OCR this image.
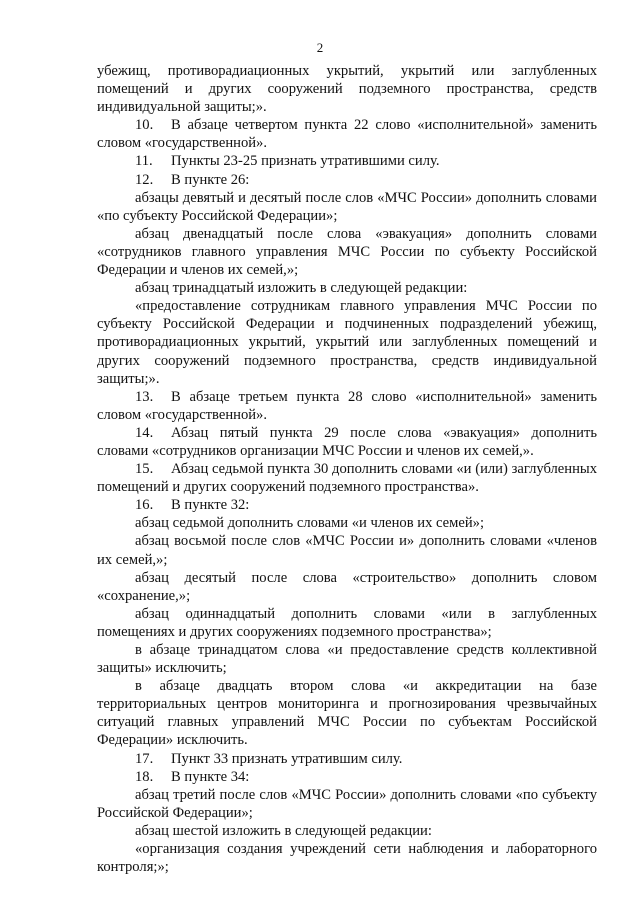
2

убежищ, противорадиационных укрытий, укрытий или заглубленных помещений и других сооружений подземного пространства, средств индивидуальной защиты;».

10. В абзаце четвертом пункта 22 слово «исполнительной» заменить словом «государственной».

11. Пункты 23-25 признать утратившими силу.

12. В пункте 26:

абзацы девятый и десятый после слов «МЧС России» дополнить словами «по субъекту Российской Федерации»;

абзац двенадцатый после слова «эвакуация» дополнить словами «сотрудников главного управления МЧС России по субъекту Российской Федерации и членов их семей,»;

абзац тринадцатый изложить в следующей редакции:

«предоставление сотрудникам главного управления МЧС России по субъекту Российской Федерации и подчиненных подразделений убежищ, противорадиационных укрытий, укрытий или заглубленных помещений и других сооружений подземного пространства, средств индивидуальной защиты;».

13. В абзаце третьем пункта 28 слово «исполнительной» заменить словом «государственной».

14. Абзац пятый пункта 29 после слова «эвакуация» дополнить словами «сотрудников организации МЧС России и членов их семей,».

15. Абзац седьмой пункта 30 дополнить словами «и (или) заглубленных помещений и других сооружений подземного пространства».

16. В пункте 32:

абзац седьмой дополнить словами «и членов их семей»;

абзац восьмой после слов «МЧС России и» дополнить словами «членов их семей,»;

абзац десятый после слова «строительство» дополнить словом «сохранение,»;

абзац одиннадцатый дополнить словами «или в заглубленных помещениях и других сооружениях подземного пространства»;

в абзаце тринадцатом слова «и предоставление средств коллективной защиты» исключить;

в абзаце двадцать втором слова «и аккредитации на базе территориальных центров мониторинга и прогнозирования чрезвычайных ситуаций главных управлений МЧС России по субъектам Российской Федерации» исключить.

17. Пункт 33 признать утратившим силу.

18. В пункте 34:

абзац третий после слов «МЧС России» дополнить словами «по субъекту Российской Федерации»;

абзац шестой изложить в следующей редакции:

«организация создания учреждений сети наблюдения и лабораторного контроля;»;
